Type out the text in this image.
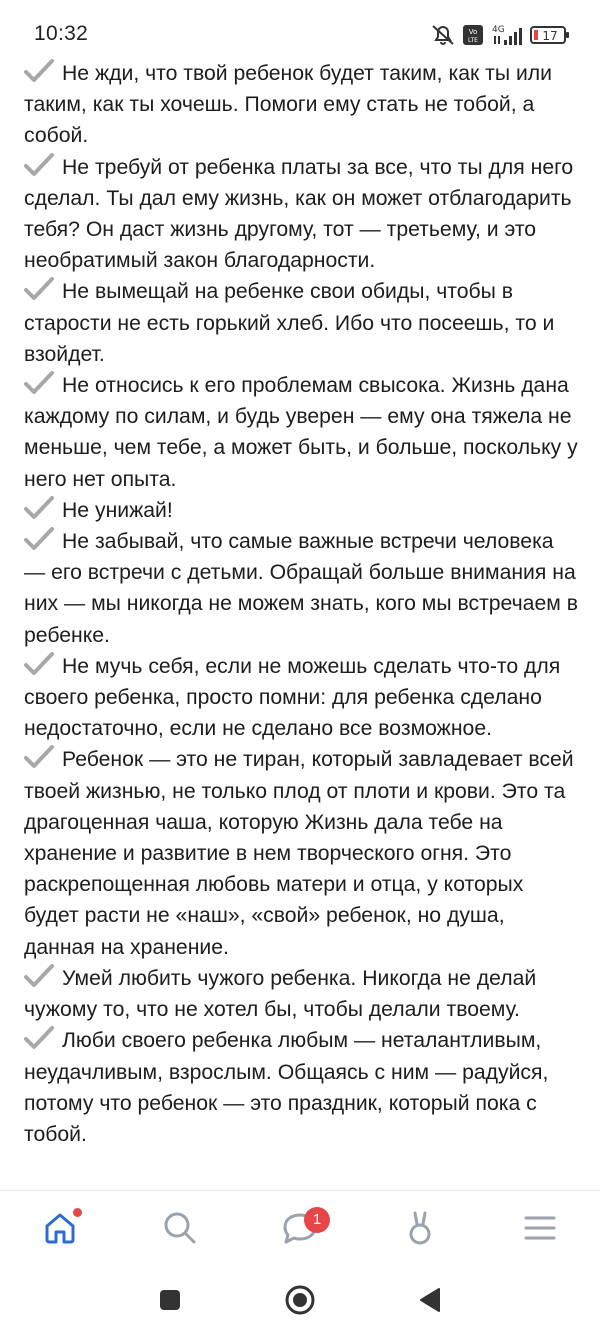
10:32	Vo
LTE
4G	17

Не жди, что твой ребенок будет таким, как ты или таким, как ты хочешь. Помоги ему стать не тобой, а собой.

Не требуй от ребенка платы за все, что ты для него сделал. Ты дал ему жизнь, как он может отблагодарить тебя? Он даст жизнь другому, тот — третьему, и это необратимый закон благодарности.

Не вымещай на ребенке свои обиды, чтобы в старости не есть горький хлеб. Ибо что посеешь, то и взойдет.

Не относись к его проблемам свысока. Жизнь дана каждому по силам, и будь уверен — ему она тяжела не меньше, чем тебе, а может быть, и больше, поскольку у него нет опыта.

Не унижай!

Не забывай, что самые важные встречи человека — его встречи с детьми. Обращай больше внимания на них — мы никогда не можем знать, кого мы встречаем в ребенке.

Не мучь себя, если не можешь сделать что-то для своего ребенка, просто помни: для ребенка сделано недостаточно, если не сделано все возможное.

Ребенок — это не тиран, который завладевает всей твоей жизнью, не только плод от плоти и крови. Это та драгоценная чаша, которую Жизнь дала тебе на хранение и развитие в нем творческого огня. Это раскрепощенная любовь матери и отца, у которых будет расти не «наш», «свой» ребенок, но душа, данная на хранение.

Умей любить чужого ребенка. Никогда не делай чужому то, что не хотел бы, чтобы делали твоему.

Люби своего ребенка любым — неталантливым, неудачливым, взрослым. Общаясь с ним — радуйся, потому что ребенок — это праздник, который пока с тобой.

1
